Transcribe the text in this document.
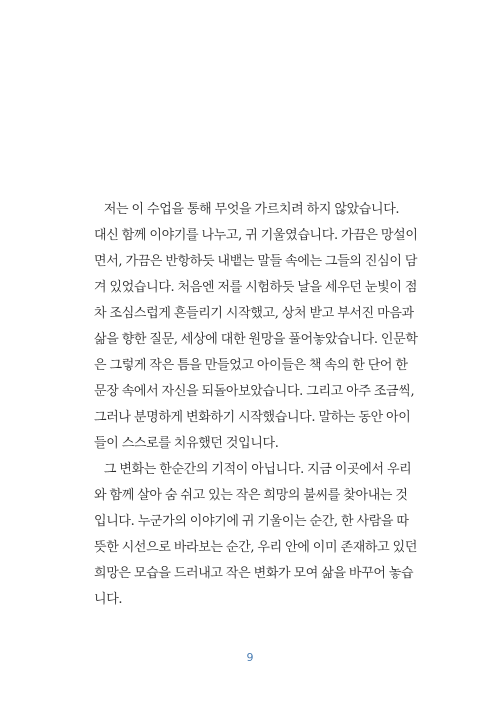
저는 이 수업을 통해 무엇을 가르치려 하지 않았습니다.
대신 함께 이야기를 나누고, 귀 기울였습니다. 가끔은 망설이
면서, 가끔은 반항하듯 내뱉는 말들 속에는 그들의 진심이 담
겨 있었습니다. 처음엔 저를 시험하듯 날을 세우던 눈빛이 점
차 조심스럽게 흔들리기 시작했고, 상처 받고 부서진 마음과
삶을 향한 질문, 세상에 대한 원망을 풀어놓았습니다. 인문학
은 그렇게 작은 틈을 만들었고 아이들은 책 속의 한 단어 한
문장 속에서 자신을 되돌아보았습니다. 그리고 아주 조금씩,
그러나 분명하게 변화하기 시작했습니다. 말하는 동안 아이
들이 스스로를 치유했던 것입니다.
그 변화는 한순간의 기적이 아닙니다. 지금 이곳에서 우리
와 함께 살아 숨 쉬고 있는 작은 희망의 불씨를 찾아내는 것
입니다. 누군가의 이야기에 귀 기울이는 순간, 한 사람을 따
뜻한 시선으로 바라보는 순간, 우리 안에 이미 존재하고 있던
희망은 모습을 드러내고 작은 변화가 모여 삶을 바꾸어 놓습
니다.
9
